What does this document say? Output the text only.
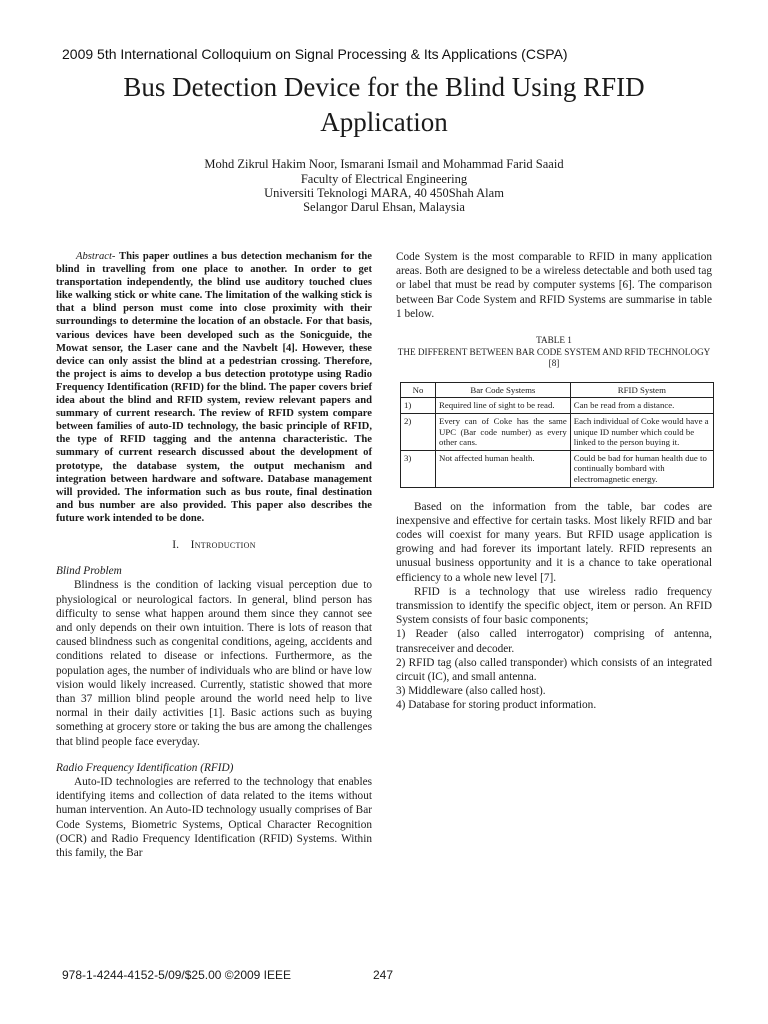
2009 5th International Colloquium on Signal Processing & Its Applications (CSPA)
Bus Detection Device for the Blind Using RFID
Application
Mohd Zikrul Hakim Noor, Ismarani Ismail and Mohammad Farid Saaid
Faculty of Electrical Engineering
Universiti Teknologi MARA, 40 450Shah Alam
Selangor Darul Ehsan, Malaysia

Abstract- This paper outlines a bus detection mechanism for the blind in travelling from one place to another. In order to get transportation independently, the blind use auditory touched clues like walking stick or white cane. The limitation of the walking stick is that a blind person must come into close proximity with their surroundings to determine the location of an obstacle. For that basis, various devices have been developed such as the Sonicguide, the Mowat sensor, the Laser cane and the Navbelt [4]. However, these device can only assist the blind at a pedestrian crossing. Therefore, the project is aims to develop a bus detection prototype using Radio Frequency Identification (RFID) for the blind. The paper covers brief idea about the blind and RFID system, review relevant papers and summary of current research. The review of RFID system compare between families of auto-ID technology, the basic principle of RFID, the type of RFID tagging and the antenna characteristic. The summary of current research discussed about the development of prototype, the database system, the output mechanism and integration between hardware and software. Database management will provided. The information such as bus route, final destination and bus number are also provided. This paper also describes the future work intended to be done.

I. Introduction

Blind Problem

Blindness is the condition of lacking visual perception due to physiological or neurological factors. In general, blind person has difficulty to sense what happen around them since they cannot see and only depends on their own intuition. There is lots of reason that caused blindness such as congenital conditions, ageing, accidents and conditions related to disease or infections. Furthermore, as the population ages, the number of individuals who are blind or have low vision would likely increased. Currently, statistic showed that more than 37 million blind people around the world need help to live normal in their daily activities [1]. Basic actions such as buying something at grocery store or taking the bus are among the challenges that blind people face everyday.

Radio Frequency Identification (RFID)

Auto-ID technologies are referred to the technology that enables identifying items and collection of data related to the items without human intervention. An Auto-ID technology usually comprises of Bar Code Systems, Biometric Systems, Optical Character Recognition (OCR) and Radio Frequency Identification (RFID) Systems. Within this family, the Bar

Code System is the most comparable to RFID in many application areas. Both are designed to be a wireless detectable and both used tag or label that must be read by computer systems [6]. The comparison between Bar Code System and RFID Systems are summarise in table 1 below.

TABLE 1
THE DIFFERENT BETWEEN BAR CODE SYSTEM AND RFID TECHNOLOGY [8]
No	Bar Code Systems	RFID System
1)	Required line of sight to be read.	Can be read from a distance.
2)	Every can of Coke has the same UPC (Bar code number) as every other cans.	Each individual of Coke would have a unique ID number which could be linked to the person buying it.
3)	Not affected human health.	Could be bad for human health due to continually bombard with electromagnetic energy.

Based on the information from the table, bar codes are inexpensive and effective for certain tasks. Most likely RFID and bar codes will coexist for many years. But RFID usage application is growing and had forever its important lately. RFID represents an unusual business opportunity and it is a chance to take operational efficiency to a whole new level [7].

RFID is a technology that use wireless radio frequency transmission to identify the specific object, item or person. An RFID System consists of four basic components;

1) Reader (also called interrogator) comprising of antenna, transreceiver and decoder.

2) RFID tag (also called transponder) which consists of an integrated circuit (IC), and small antenna.

3) Middleware (also called host).

4) Database for storing product information.

978-1-4244-4152-5/09/$25.00 ©2009 IEEE	247
